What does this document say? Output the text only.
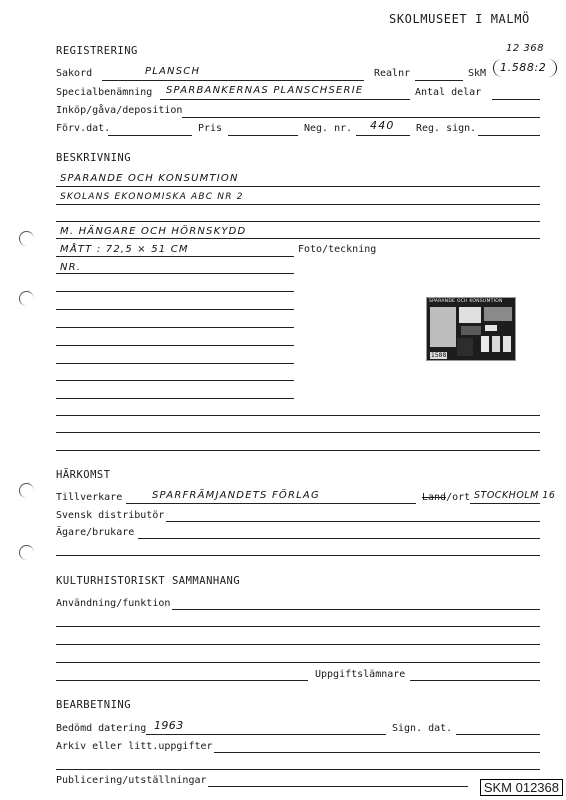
SKOLMUSEET I MALMÖ
12 368
REGISTRERING
Sakord	PLANSCH	Realnr	SkM 1.588:2
Specialbenämning SPARBANKERNAS PLANSCHSERIE	Antal delar
Inköp/gåva/deposition
Förv.dat.	Pris	Neg. nr. 440 Reg. sign.
BESKRIVNING
SPARANDE OCH KONSUMTION
SKOLANS EKONOMISKA ABC NR 2
M. HÄNGARE OCH HÖRNSKYDD
MÅTT : 72,5 × 51 CM	Foto/teckning
NR.
SPARANDE OCH KONSUMTION
1588
HÄRKOMST
Tillverkare	SPARFRÄMJANDETS FÖRLAG	Land/ort STOCKHOLM 16
Svensk distributör
Ägare/brukare
KULTURHISTORISKT SAMMANHANG
Användning/funktion
Uppgiftslämnare
BEARBETNING
Bedömd datering 1963	Sign. dat.
Arkiv eller litt.uppgifter
Publicering/utställningar	SKM 012368
